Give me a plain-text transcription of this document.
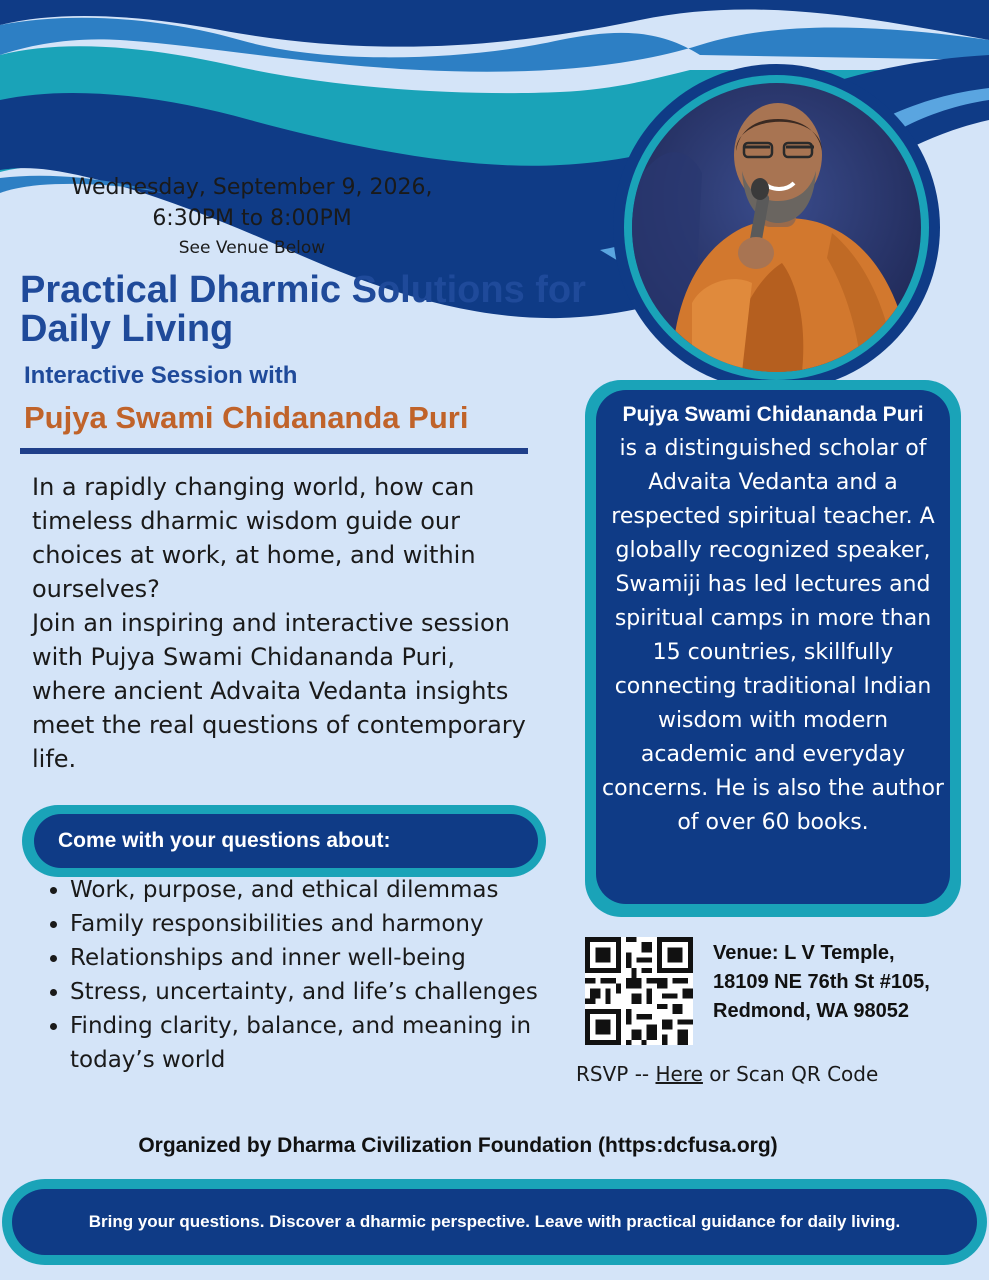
Wednesday, September 9, 2026,
6:30PM to 8:00PM
See Venue Below
Practical Dharmic Solutions for Daily Living
Interactive Session with
Pujya Swami Chidananda Puri

In a rapidly changing world, how can timeless dharmic wisdom guide our choices at work, at home, and within ourselves?

Join an inspiring and interactive session with Pujya Swami Chidananda Puri, where ancient Advaita Vedanta insights meet the real questions of contemporary life.

Come with your questions about:
• Work, purpose, and ethical dilemmas
• Family responsibilities and harmony
• Relationships and inner well-being
• Stress, uncertainty, and life’s challenges
• Finding clarity, balance, and meaning in today’s world
Pujya Swami Chidananda Puri
is a distinguished scholar of Advaita Vedanta and a respected spiritual teacher. A globally recognized speaker, Swamiji has led lectures and spiritual camps in more than 15 countries, skillfully connecting traditional Indian wisdom with modern academic and everyday concerns. He is also the author of over 60 books.
Venue: L V Temple,
18109 NE 76th St #105,
Redmond, WA 98052
RSVP -- Here or Scan QR Code
Organized by Dharma Civilization Foundation (https:dcfusa.org)
Bring your questions. Discover a dharmic perspective. Leave with practical guidance for daily living.
